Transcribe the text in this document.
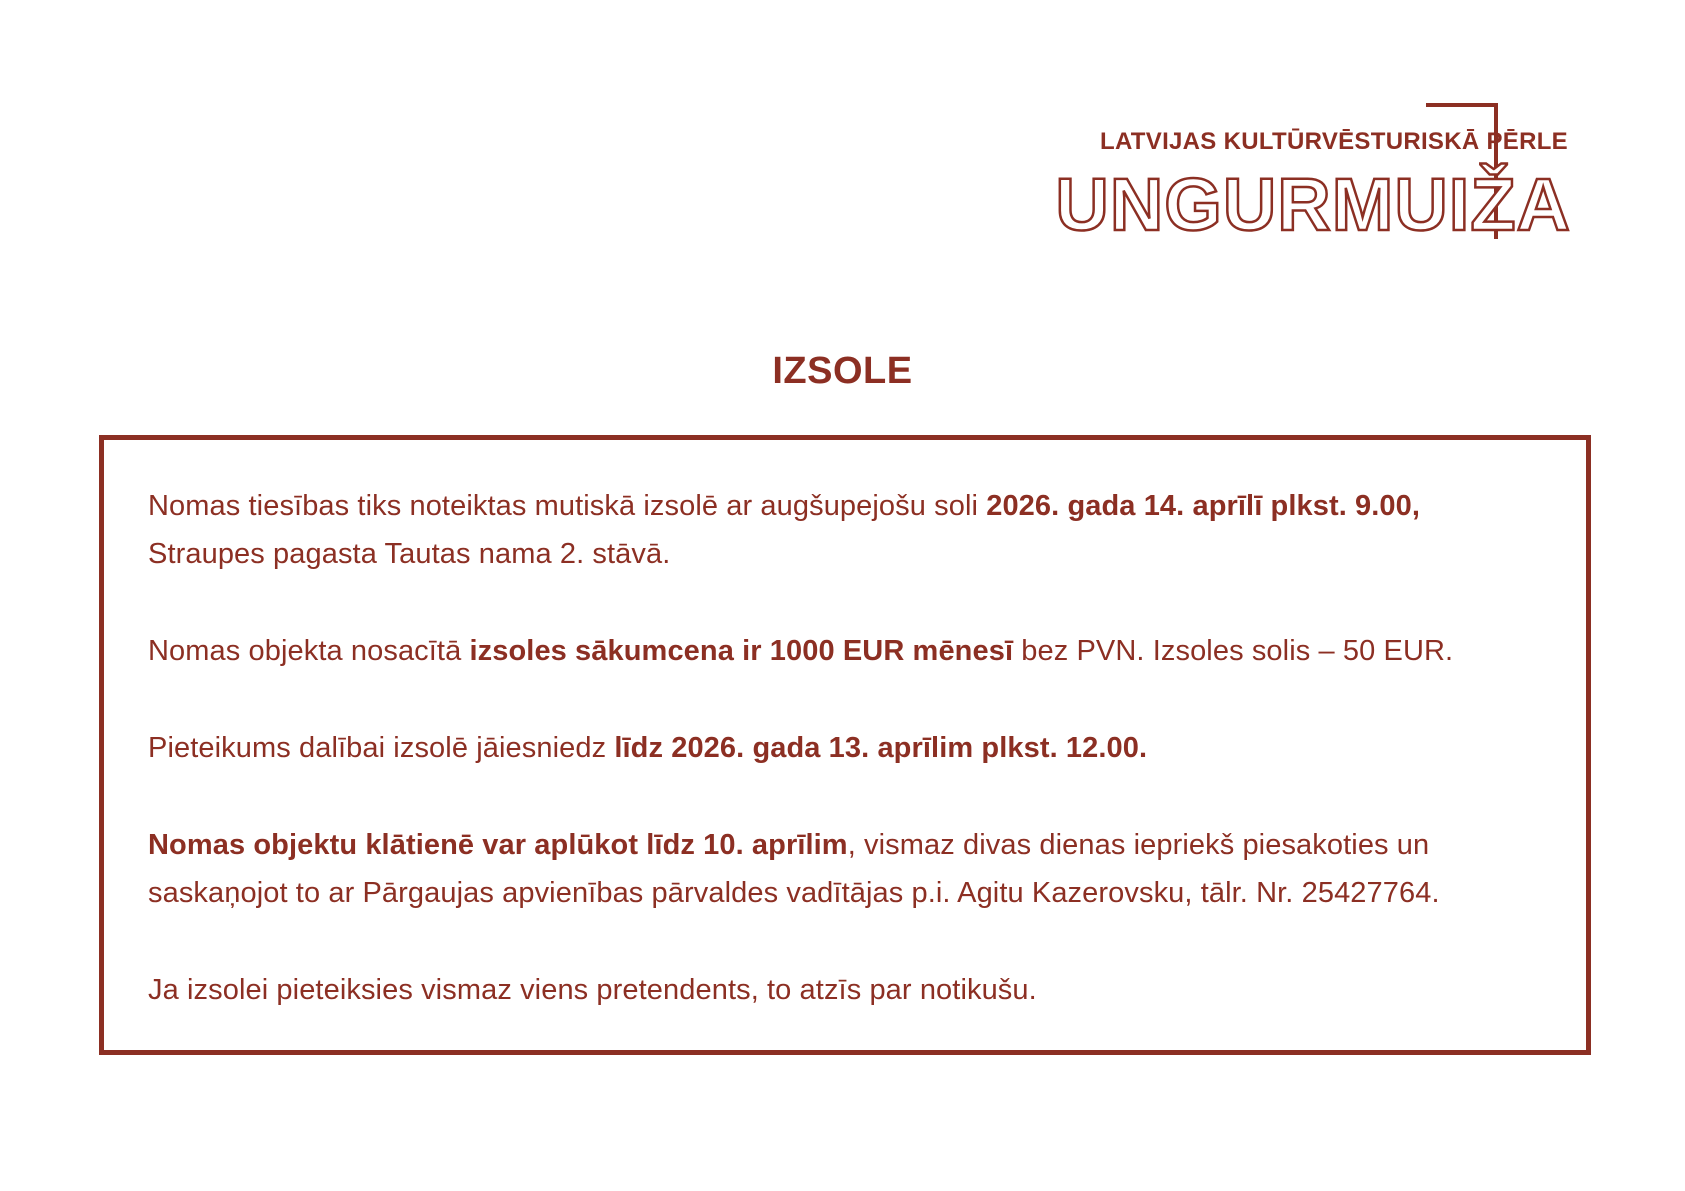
LATVIJAS KULTŪRVĒSTURISKĀ PĒRLE
UNGURMUIŽA
IZSOLE

Nomas tiesības tiks noteiktas mutiskā izsolē ar augšupejošu soli 2026. gada 14. aprīlī plkst. 9.00, Straupes pagasta Tautas nama 2. stāvā.

Nomas objekta nosacītā izsoles sākumcena ir 1000 EUR mēnesī bez PVN. Izsoles solis – 50 EUR.

Pieteikums dalībai izsolē jāiesniedz līdz 2026. gada 13. aprīlim plkst. 12.00.

Nomas objektu klātienē var aplūkot līdz 10. aprīlim, vismaz divas dienas iepriekš piesakoties un saskaņojot to ar Pārgaujas apvienības pārvaldes vadītājas p.i. Agitu Kazerovsku, tālr. Nr. 25427764.

Ja izsolei pieteiksies vismaz viens pretendents, to atzīs par notikušu.
